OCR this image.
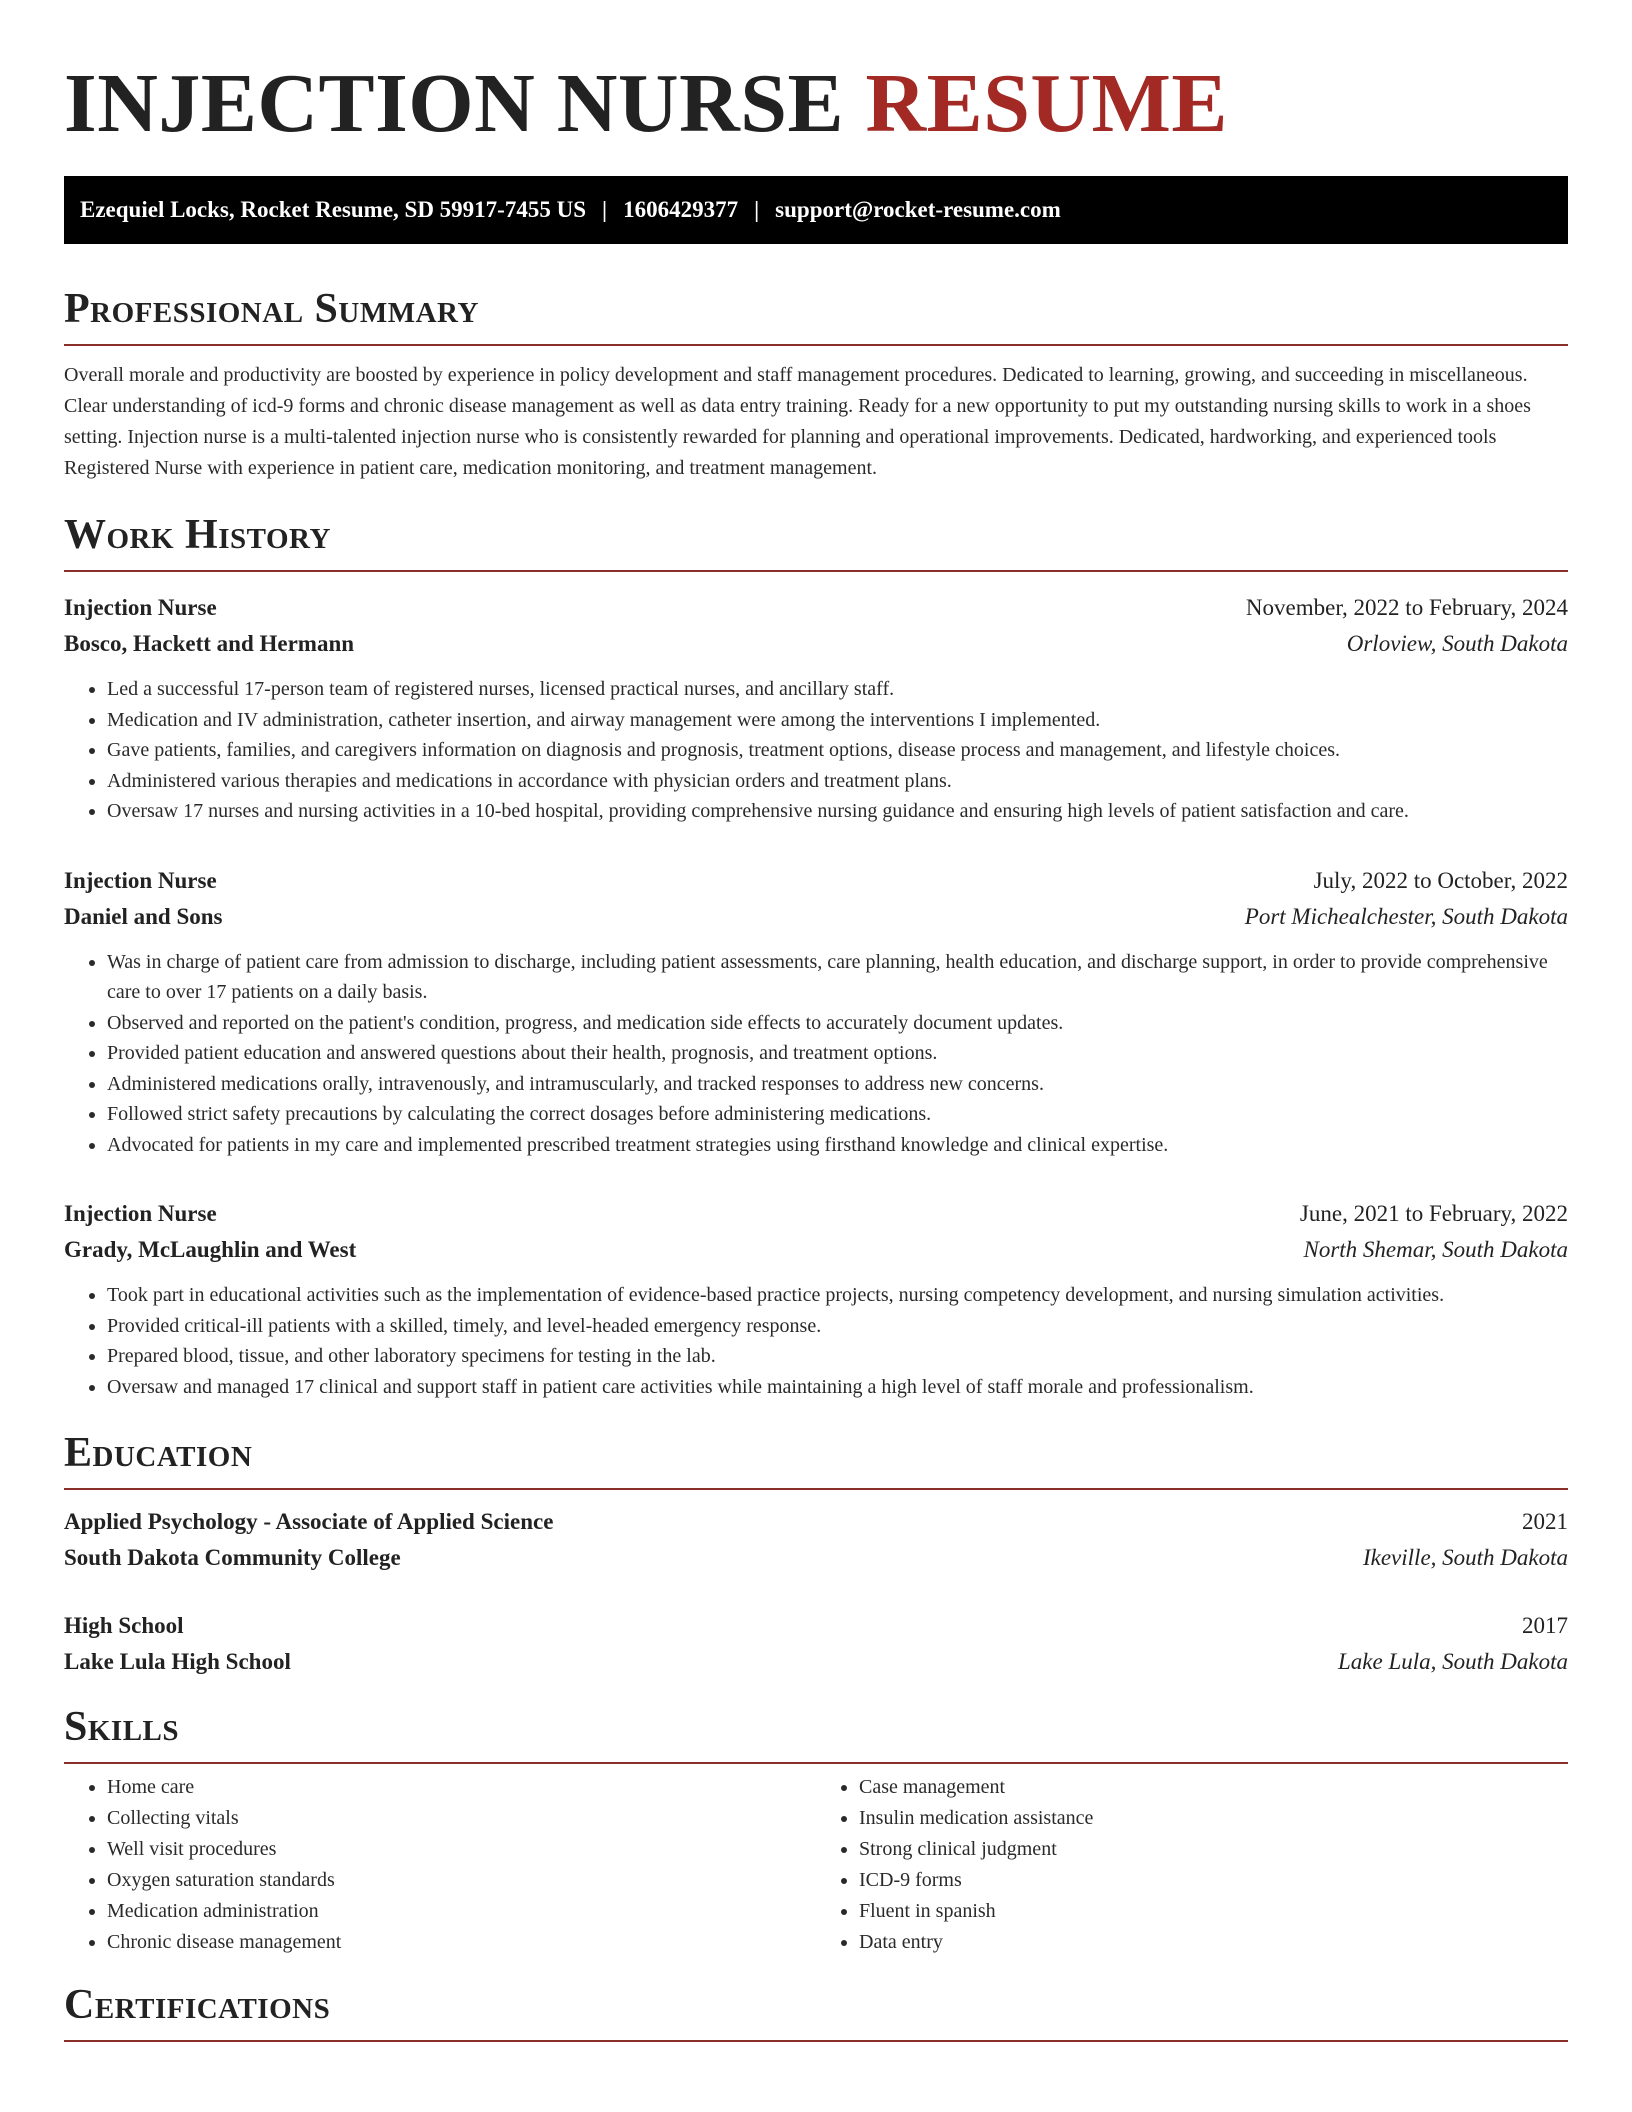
INJECTION NURSE RESUME
Ezequiel Locks, Rocket Resume, SD 59917-7455 US | 1606429377 | support@rocket-resume.com
Professional Summary

Overall morale and productivity are boosted by experience in policy development and staff management procedures. Dedicated to learning, growing, and succeeding in miscellaneous. Clear understanding of icd-9 forms and chronic disease management as well as data entry training. Ready for a new opportunity to put my outstanding nursing skills to work in a shoes setting. Injection nurse is a multi-talented injection nurse who is consistently rewarded for planning and operational improvements. Dedicated, hardworking, and experienced tools Registered Nurse with experience in patient care, medication monitoring, and treatment management.

Work History
Injection Nurse	November, 2022 to February, 2024
Bosco, Hackett and Hermann	Orloview, South Dakota
• Led a successful 17-person team of registered nurses, licensed practical nurses, and ancillary staff.
• Medication and IV administration, catheter insertion, and airway management were among the interventions I implemented.
• Gave patients, families, and caregivers information on diagnosis and prognosis, treatment options, disease process and management, and lifestyle choices.
• Administered various therapies and medications in accordance with physician orders and treatment plans.
• Oversaw 17 nurses and nursing activities in a 10-bed hospital, providing comprehensive nursing guidance and ensuring high levels of patient satisfaction and care.
Injection Nurse	July, 2022 to October, 2022
Daniel and Sons	Port Michealchester, South Dakota
• Was in charge of patient care from admission to discharge, including patient assessments, care planning, health education, and discharge support, in order to provide comprehensive care to over 17 patients on a daily basis.
• Observed and reported on the patient's condition, progress, and medication side effects to accurately document updates.
• Provided patient education and answered questions about their health, prognosis, and treatment options.
• Administered medications orally, intravenously, and intramuscularly, and tracked responses to address new concerns.
• Followed strict safety precautions by calculating the correct dosages before administering medications.
• Advocated for patients in my care and implemented prescribed treatment strategies using firsthand knowledge and clinical expertise.
Injection Nurse	June, 2021 to February, 2022
Grady, McLaughlin and West	North Shemar, South Dakota
• Took part in educational activities such as the implementation of evidence-based practice projects, nursing competency development, and nursing simulation activities.
• Provided critical-ill patients with a skilled, timely, and level-headed emergency response.
• Prepared blood, tissue, and other laboratory specimens for testing in the lab.
• Oversaw and managed 17 clinical and support staff in patient care activities while maintaining a high level of staff morale and professionalism.
Education
Applied Psychology - Associate of Applied Science	2021
South Dakota Community College	Ikeville, South Dakota
High School	2017
Lake Lula High School	Lake Lula, South Dakota
Skills
• Home care
• Collecting vitals
• Well visit procedures
• Oxygen saturation standards
• Medication administration
• Chronic disease management
• Case management
• Insulin medication assistance
• Strong clinical judgment
• ICD-9 forms
• Fluent in spanish
• Data entry
Certifications
